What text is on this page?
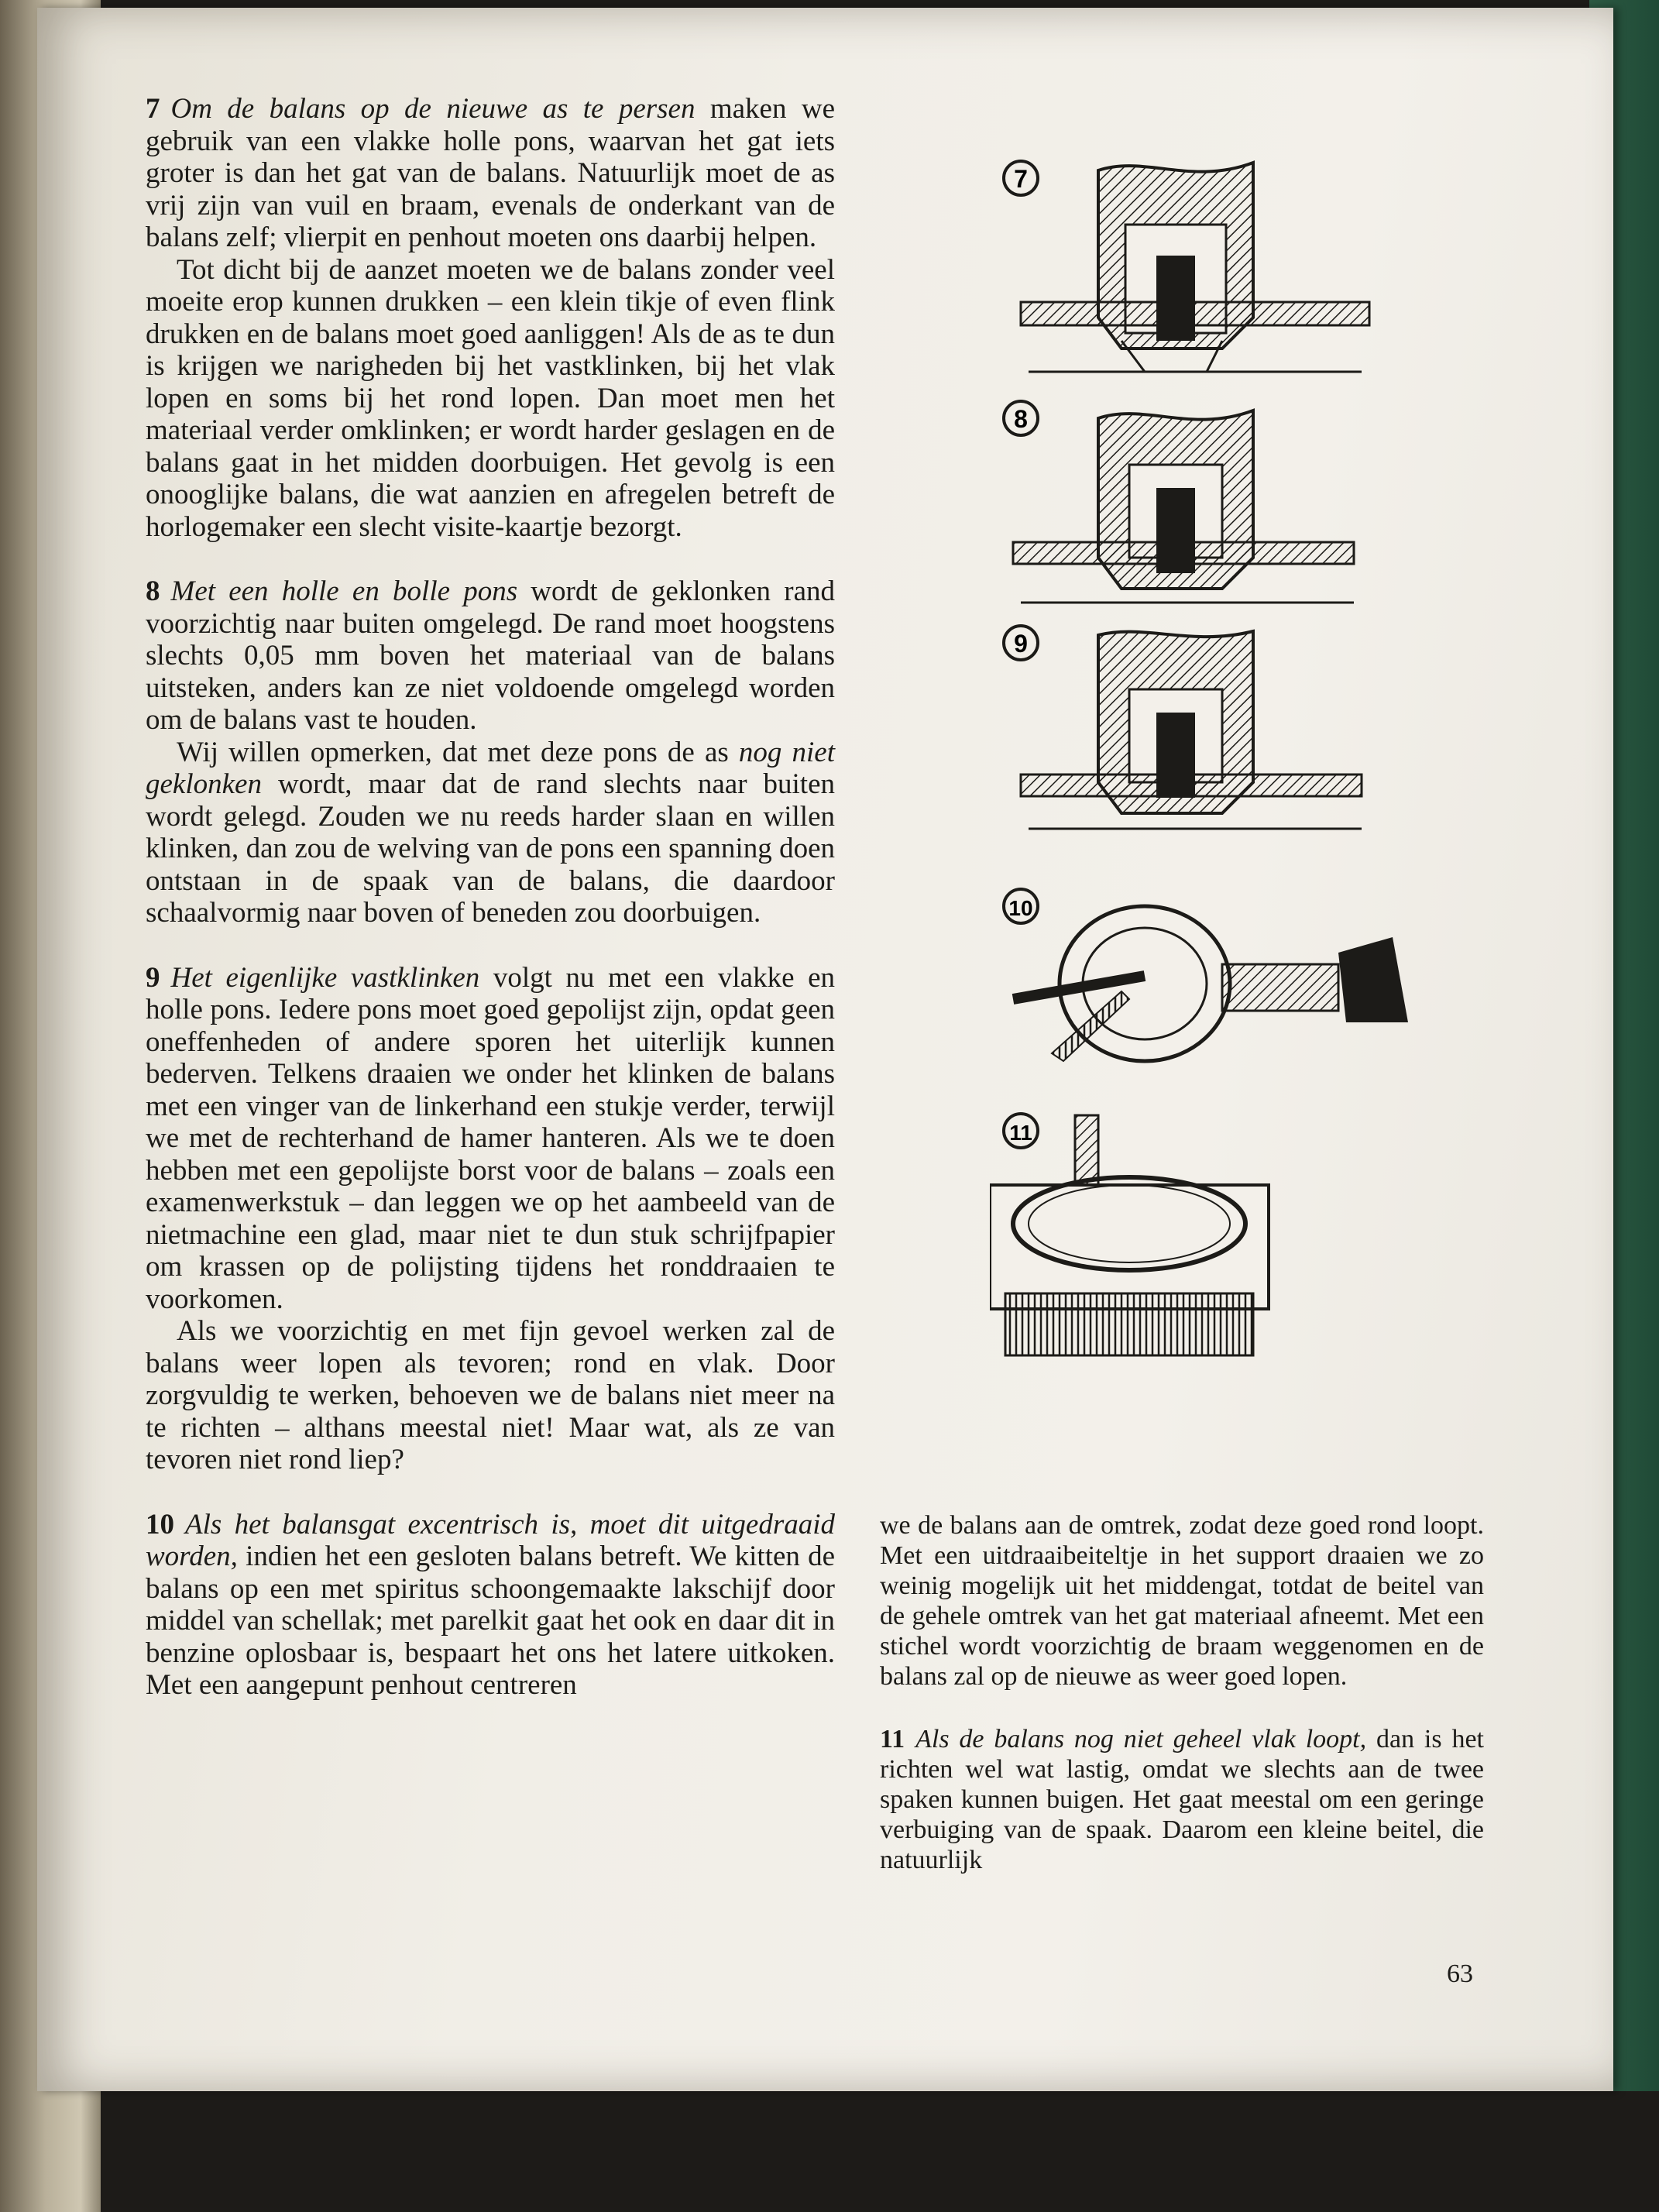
7 Om de balans op de nieuwe as te persen maken we gebruik van een vlakke holle pons, waarvan het gat iets groter is dan het gat van de balans. Natuurlijk moet de as vrij zijn van vuil en braam, evenals de onderkant van de balans zelf; vlierpit en penhout moeten ons daarbij helpen.

Tot dicht bij de aanzet moeten we de balans zonder veel moeite erop kunnen drukken – een klein tikje of even flink drukken en de balans moet goed aanliggen! Als de as te dun is krijgen we narigheden bij het vastklinken, bij het vlak lopen en soms bij het rond lopen. Dan moet men het materiaal verder omklinken; er wordt harder geslagen en de balans gaat in het midden doorbuigen. Het gevolg is een onooglijke balans, die wat aanzien en afregelen betreft de horlogemaker een slecht visite-kaartje bezorgt.

8 Met een holle en bolle pons wordt de geklonken rand voorzichtig naar buiten omgelegd. De rand moet hoogstens slechts 0,05 mm boven het materiaal van de balans uitsteken, anders kan ze niet voldoende omgelegd worden om de balans vast te houden.

Wij willen opmerken, dat met deze pons de as nog niet geklonken wordt, maar dat de rand slechts naar buiten wordt gelegd. Zouden we nu reeds harder slaan en willen klinken, dan zou de welving van de pons een spanning doen ontstaan in de spaak van de balans, die daardoor schaalvormig naar boven of beneden zou doorbuigen.

9 Het eigenlijke vastklinken volgt nu met een vlakke en holle pons. Iedere pons moet goed gepolijst zijn, opdat geen oneffenheden of andere sporen het uiterlijk kunnen bederven. Telkens draaien we onder het klinken de balans met een vinger van de linkerhand een stukje verder, terwijl we met de rechterhand de hamer hanteren. Als we te doen hebben met een gepolijste borst voor de balans – zoals een examenwerkstuk – dan leggen we op het aambeeld van de nietmachine een glad, maar niet te dun stuk schrijfpapier om krassen op de polijsting tijdens het ronddraaien te voorkomen.

Als we voorzichtig en met fijn gevoel werken zal de balans weer lopen als tevoren; rond en vlak. Door zorgvuldig te werken, behoeven we de balans niet meer na te richten – althans meestal niet! Maar wat, als ze van tevoren niet rond liep?

10 Als het balansgat excentrisch is, moet dit uitgedraaid worden, indien het een gesloten balans betreft. We kitten de balans op een met spiritus schoongemaakte lakschijf door middel van schellak; met parelkit gaat het ook en daar dit in benzine oplosbaar is, bespaart het ons het latere uitkoken. Met een aangepunt penhout centreren

7
8
9
10
11

we de balans aan de omtrek, zodat deze goed rond loopt. Met een uitdraaibeiteltje in het support draaien we zo weinig mogelijk uit het middengat, totdat de beitel van de gehele omtrek van het gat materiaal afneemt. Met een stichel wordt voorzichtig de braam weggenomen en de balans zal op de nieuwe as weer goed lopen.

11 Als de balans nog niet geheel vlak loopt, dan is het richten wel wat lastig, omdat we slechts aan de twee spaken kunnen buigen. Het gaat meestal om een geringe verbuiging van de spaak. Daarom een kleine beitel, die natuurlijk

63
